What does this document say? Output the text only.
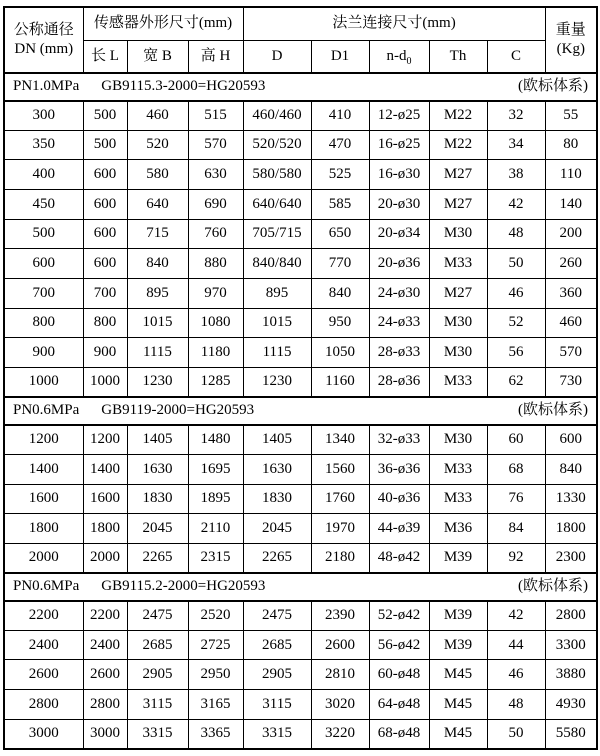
公称通径
DN (mm)
	传感器外形尺寸(mm)	法兰连接尺寸(mm)	重量
(Kg)

	长 L	宽 B	高 H	D	D1	$n-d_0$	Th	C	

PN1.0MPa GB9115.3-2000=HG20593 (欧标体系)									

300	500	460	515	460/460	410	12-ø25	M22	32	55
350	500	520	570	520/520	470	16-ø25	M22	34	80
400	600	580	630	580/580	525	16-ø30	M27	38	110
450	600	640	690	640/640	585	20-ø30	M27	42	140
500	600	715	760	705/715	650	20-ø34	M30	48	200
600	600	840	880	840/840	770	20-ø36	M33	50	260
700	700	895	970	895	840	24-ø30	M27	46	360
800	800	1015	1080	1015	950	24-ø33	M30	52	460
900	900	1115	1180	1115	1050	28-ø33	M30	56	570
1000	1000	1230	1285	1230	1160	28-ø36	M33	62	730

PN0.6MPa GB9119-2000=HG20593 (欧标体系)									

1200	1200	1405	1480	1405	1340	32-ø33	M30	60	600
1400	1400	1630	1695	1630	1560	36-ø36	M33	68	840
1600	1600	1830	1895	1830	1760	40-ø36	M33	76	1330
1800	1800	2045	2110	2045	1970	44-ø39	M36	84	1800
2000	2000	2265	2315	2265	2180	48-ø42	M39	92	2300

PN0.6MPa GB9115.2-2000=HG20593 (欧标体系)									

2200	2200	2475	2520	2475	2390	52-ø42	M39	42	2800
2400	2400	2685	2725	2685	2600	56-ø42	M39	44	3300
2600	2600	2905	2950	2905	2810	60-ø48	M45	46	3880
2800	2800	3115	3165	3115	3020	64-ø48	M45	48	4930
3000	3000	3315	3365	3315	3220	68-ø48	M45	50	5580
